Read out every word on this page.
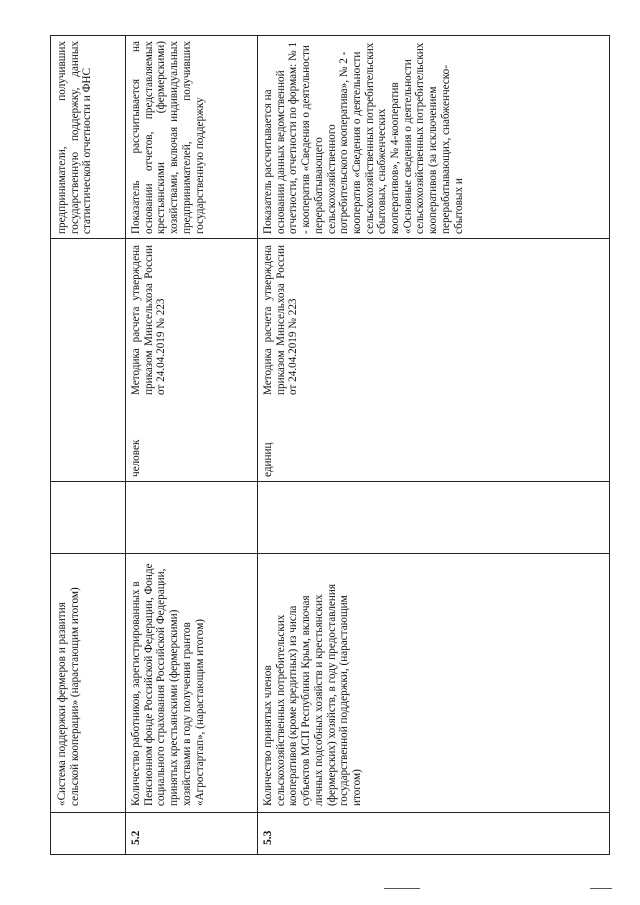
«Система поддержки фермеров и развития сельской кооперации» (нарастающим итогом)
предприниматели, получивших государственную поддержку, данных статистической отчетности и ФНС
5.2
Количество работников, зарегистрированных в Пенсионном фонде Российской Федерации, Фонде социального страхования Российской Федерации, принятых крестьянскими (фермерскими) хозяйствами в году получения грантов «Агростартап», (нарастающим итогом)
человек
Методика расчета утверждена приказом Минсельхоза России от 24.04.2019 № 223
Показатель рассчитывается на основании отчетов, представляемых крестьянскими (фермерскими) хозяйствами, включая индивидуальных предпринимателей, получивших государственную поддержку
5.3
Количество принятых членов сельскохозяйственных потребительских кооперативов (кроме кредитных) из числа субъектов МСП Республики Крым, включая личных подсобных хозяйств и крестьянских (фермерских) хозяйств, в году предоставления государственной поддержки, (нарастающим итогом)
единиц
Методика расчета утверждена приказом Минсельхоза России от 24.04.2019 № 223
Показатель рассчитывается на основании данных ведомственной отчетности, отчетности по формам: № 1 - кооператив «Сведения о деятельности перерабатывающего сельскохозяйственного потребительского кооператива», № 2 - кооператив «Сведения о деятельности сельскохозяйственных потребительских сбытовых, снабженческих кооперативов», № 4-кооператив «Основные сведения о деятельности сельскохозяйственных потребительских кооперативов (за исключением перерабатывающих, снабженческо-сбытовых и
